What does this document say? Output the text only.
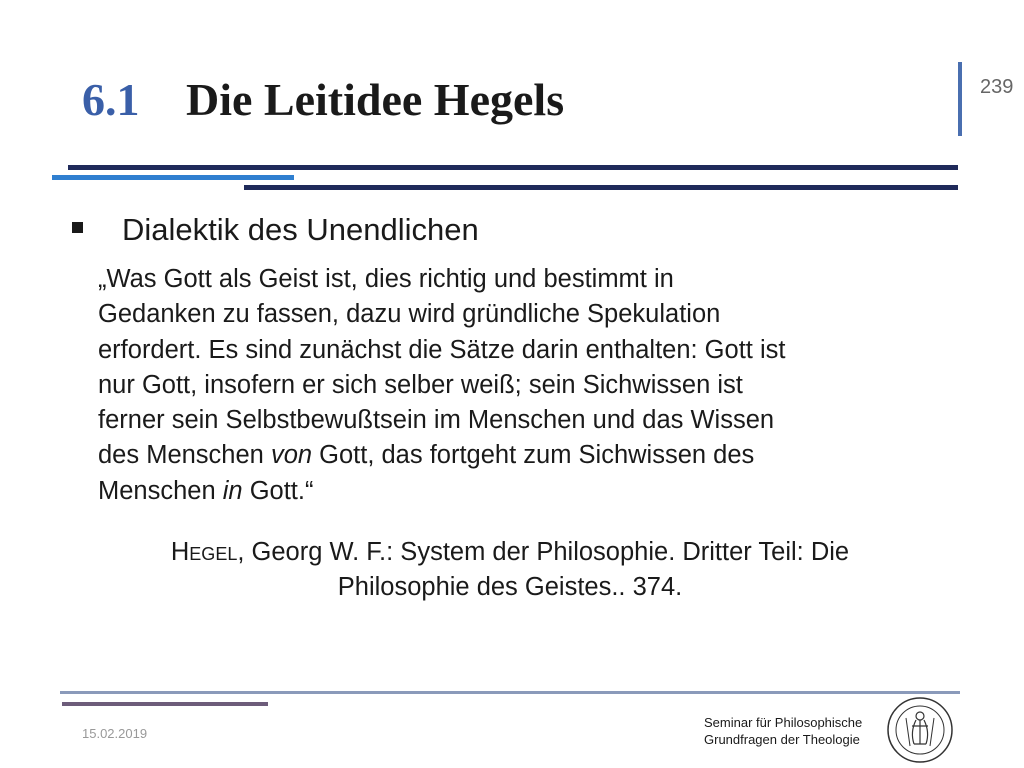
6.1 Die Leitidee Hegels	239
Dialektik des Unendlichen
„Was Gott als Geist ist, dies richtig und bestimmt in
Gedanken zu fassen, dazu wird gründliche Spekulation
erfordert. Es sind zunächst die Sätze darin enthalten: Gott ist
nur Gott, insofern er sich selber weiß; sein Sichwissen ist
ferner sein Selbstbewußtsein im Menschen und das Wissen
des Menschen von Gott, das fortgeht zum Sichwissen des
Menschen in Gott.“
Hegel, Georg W. F.: System der Philosophie. Dritter Teil: Die
Philosophie des Geistes.. 374.
15.02.2019
Seminar für Philosophische
Grundfragen der Theologie
